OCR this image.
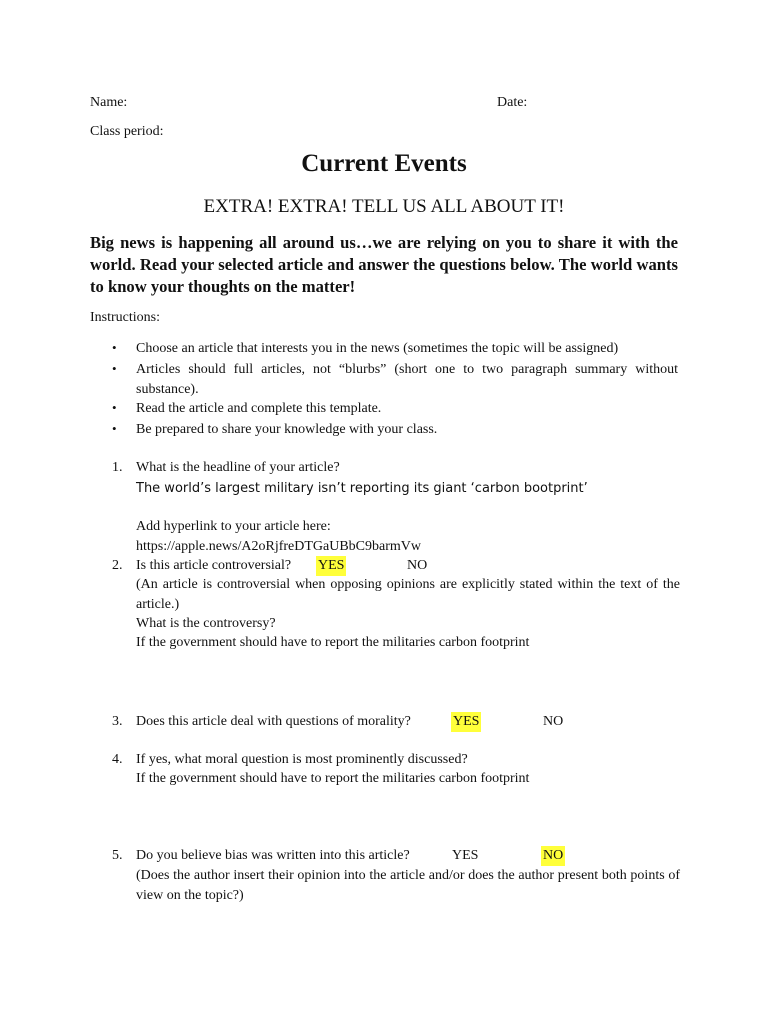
Name:	Date:
Class period:
Current Events
EXTRA! EXTRA! TELL US ALL ABOUT IT!
Big news is happening all around us…we are relying on you to share it with the world. Read your selected article and answer the questions below. The world wants to know your thoughts on the matter!
Instructions:
• Choose an article that interests you in the news (sometimes the topic will be assigned)
• Articles should full articles, not “blurbs” (short one to two paragraph summary without substance).
• Read the article and complete this template.
• Be prepared to share your knowledge with your class.
1. What is the headline of your article?
The world’s largest military isn’t reporting its giant ‘carbon bootprint’
Add hyperlink to your article here:
https://apple.news/A2oRjfreDTGaUBbC9barmVw
2. Is this article controversial? YES	NO
(An article is controversial when opposing opinions are explicitly stated within the text of the article.)
What is the controversy?
If the government should have to report the militaries carbon footprint
3. Does this article deal with questions of morality?	YES	NO
4. If yes, what moral question is most prominently discussed?
If the government should have to report the militaries carbon footprint
5. Do you believe bias was written into this article?	YES	NO
(Does the author insert their opinion into the article and/or does the author present both points of view on the topic?)
